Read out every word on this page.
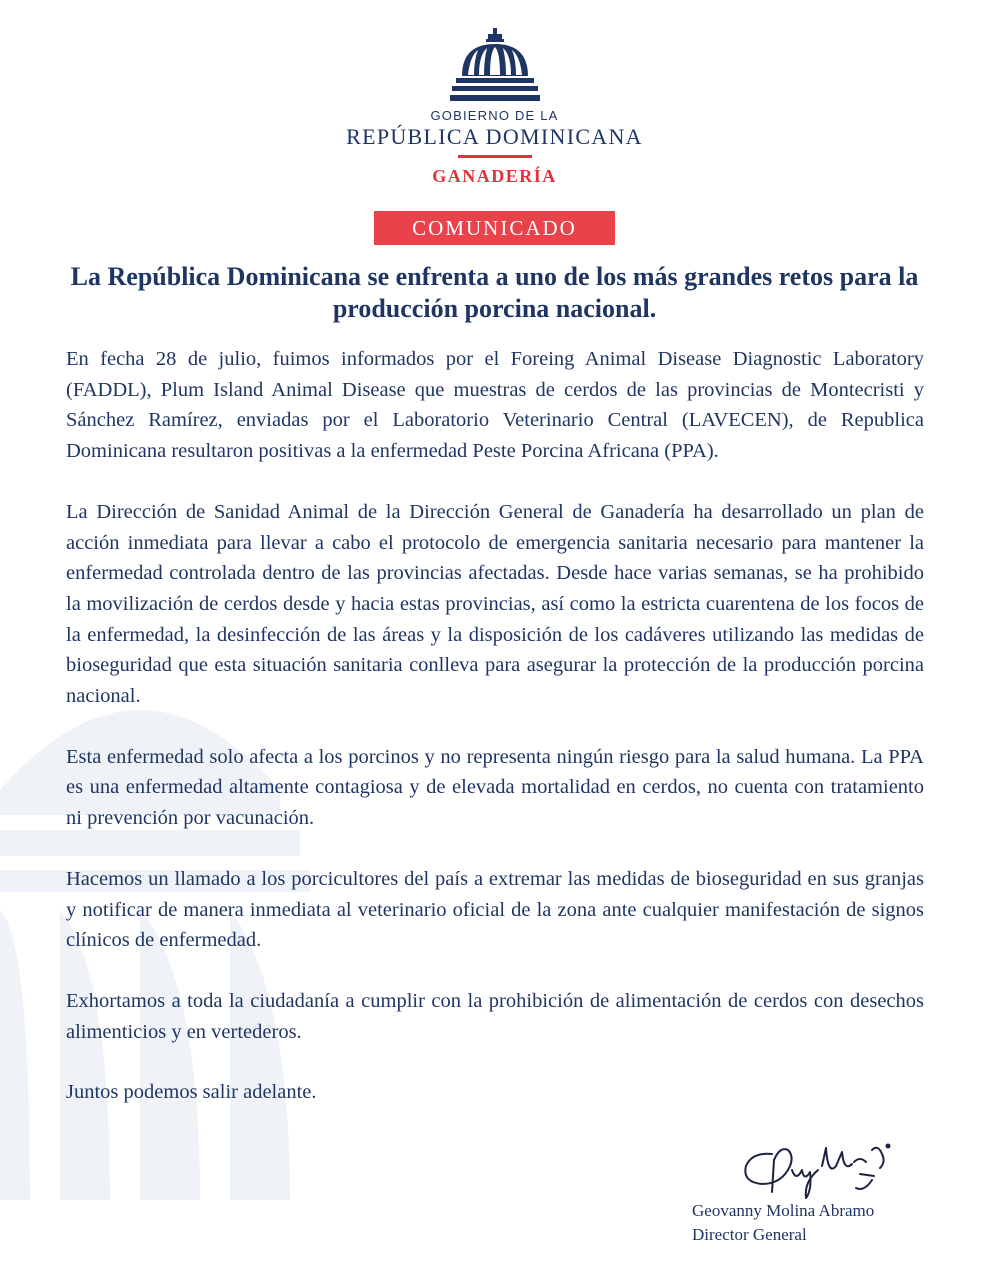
GOBIERNO DE LA
REPÚBLICA DOMINICANA
GANADERÍA
COMUNICADO
La República Dominicana se enfrenta a uno de los más grandes retos para la producción porcina nacional.

En fecha 28 de julio, fuimos informados por el Foreing Animal Disease Diagnostic Laboratory (FADDL), Plum Island Animal Disease que muestras de cerdos de las provincias de Montecristi y Sánchez Ramírez, enviadas por el Laboratorio Veterinario Central (LAVECEN), de Republica Dominicana resultaron positivas a la enfermedad Peste Porcina Africana (PPA).

La Dirección de Sanidad Animal de la Dirección General de Ganadería ha desarrollado un plan de acción inmediata para llevar a cabo el protocolo de emergencia sanitaria necesario para mantener la enfermedad controlada dentro de las provincias afectadas. Desde hace varias semanas, se ha prohibido la movilización de cerdos desde y hacia estas provincias, así como la estricta cuarentena de los focos de la enfermedad, la desinfección de las áreas y la disposición de los cadáveres utilizando las medidas de bioseguridad que esta situación sanitaria conlleva para asegurar la protección de la producción porcina nacional.

Esta enfermedad solo afecta a los porcinos y no representa ningún riesgo para la salud humana. La PPA es una enfermedad altamente contagiosa y de elevada mortalidad en cerdos, no cuenta con tratamiento ni prevención por vacunación.

Hacemos un llamado a los porcicultores del país a extremar las medidas de bioseguridad en sus granjas y notificar de manera inmediata al veterinario oficial de la zona ante cualquier manifestación de signos clínicos de enfermedad.

Exhortamos a toda la ciudadanía a cumplir con la prohibición de alimentación de cerdos con desechos alimenticios y en vertederos.

Juntos podemos salir adelante.

Geovanny Molina Abramo
Director General
